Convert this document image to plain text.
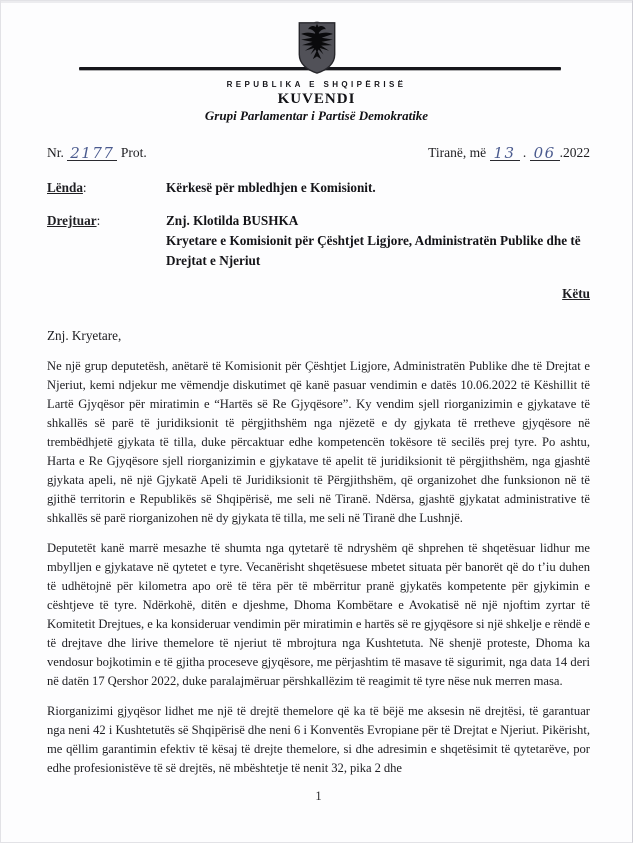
REPUBLIKA E SHQIPËRISË
KUVENDI
Grupi Parlamentar i Partisë Demokratike
Nr. 2177 Prot.	Tiranë, më 13 . 06 .2022
Lënda:	Kërkesë për mbledhjen e Komisionit.
Drejtuar:	Znj. Klotilda BUSHKA
Kryetare e Komisionit për Çështjet Ligjore, Administratën Publike dhe të Drejtat e Njeriut
Këtu
Znj. Kryetare,

Ne një grup deputetësh, anëtarë të Komisionit për Çështjet Ligjore, Administratën Publike dhe të Drejtat e Njeriut, kemi ndjekur me vëmendje diskutimet që kanë pasuar vendimin e datës 10.06.2022 të Këshillit të Lartë Gjyqësor për miratimin e “Hartës së Re Gjyqësore”. Ky vendim sjell riorganizimin e gjykatave të shkallës së parë të juridiksionit të përgjithshëm nga njëzetë e dy gjykata të rretheve gjyqësore në trembëdhjetë gjykata të tilla, duke përcaktuar edhe kompetencën tokësore të secilës prej tyre. Po ashtu, Harta e Re Gjyqësore sjell riorganizimin e gjykatave të apelit të juridiksionit të përgjithshëm, nga gjashtë gjykata apeli, në një Gjykatë Apeli të Juridiksionit të Përgjithshëm, që organizohet dhe funksionon në të gjithë territorin e Republikës së Shqipërisë, me seli në Tiranë. Ndërsa, gjashtë gjykatat administrative të shkallës së parë riorganizohen në dy gjykata të tilla, me seli në Tiranë dhe Lushnjë.

Deputetët kanë marrë mesazhe të shumta nga qytetarë të ndryshëm që shprehen të shqetësuar lidhur me mbylljen e gjykatave në qytetet e tyre. Vecanërisht shqetësuese mbetet situata për banorët që do t’iu duhen të udhëtojnë për kilometra apo orë të tëra për të mbërritur pranë gjykatës kompetente për gjykimin e cështjeve të tyre. Ndërkohë, ditën e djeshme, Dhoma Kombëtare e Avokatisë në një njoftim zyrtar të Komitetit Drejtues, e ka konsideruar vendimin për miratimin e hartës së re gjyqësore si një shkelje e rëndë e të drejtave dhe lirive themelore të njeriut të mbrojtura nga Kushtetuta. Në shenjë proteste, Dhoma ka vendosur bojkotimin e të gjitha proceseve gjyqësore, me përjashtim të masave të sigurimit, nga data 14 deri në datën 17 Qershor 2022, duke paralajmëruar përshkallëzim të reagimit të tyre nëse nuk merren masa.

Riorganizimi gjyqësor lidhet me një të drejtë themelore që ka të bëjë me aksesin në drejtësi, të garantuar nga neni 42 i Kushtetutës së Shqipërisë dhe neni 6 i Konventës Evropiane për të Drejtat e Njeriut. Pikërisht, me qëllim garantimin efektiv të kësaj të drejte themelore, si dhe adresimin e shqetësimit të qytetarëve, por edhe profesionistëve të së drejtës, në mbështetje të nenit 32, pika 2 dhe

1
